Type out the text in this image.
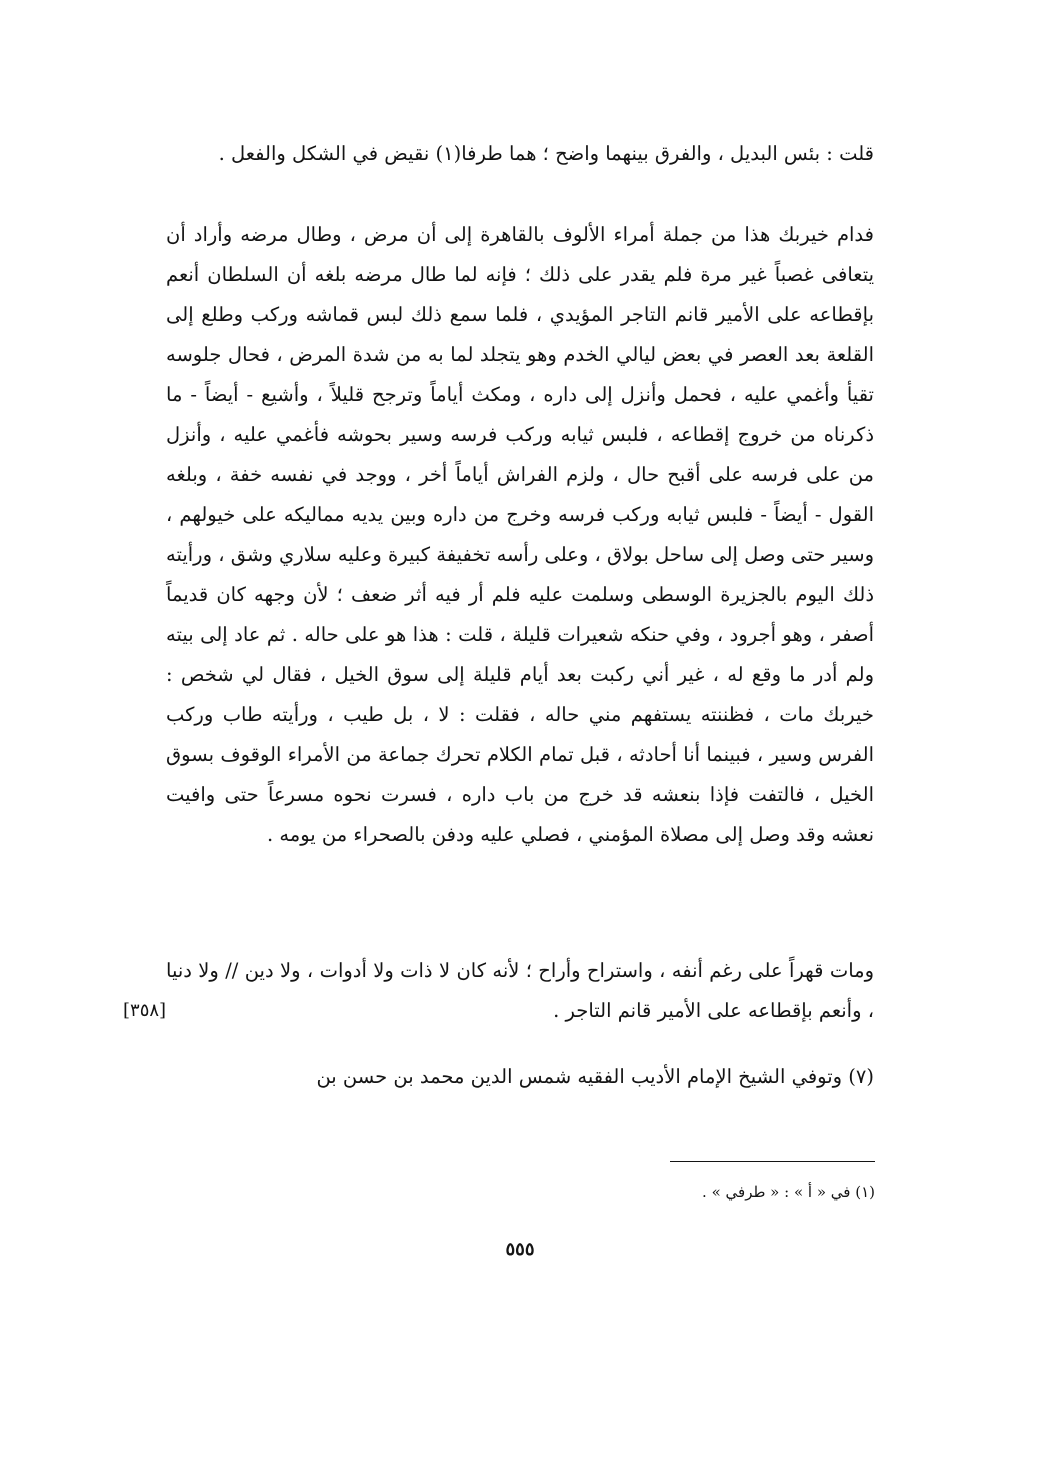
قلت : بئس البديل ، والفرق بينهما واضح ؛ هما طرفا(١) نقيض في الشكل والفعل .

فدام خيربك هذا من جملة أمراء الألوف بالقاهرة إلى أن مرض ، وطال مرضه وأراد أن يتعافى غصباً غير مرة فلم يقدر على ذلك ؛ فإنه لما طال مرضه بلغه أن السلطان أنعم بإقطاعه على الأمير قانم التاجر المؤيدي ، فلما سمع ذلك لبس قماشه وركب وطلع إلى القلعة بعد العصر في بعض ليالي الخدم وهو يتجلد لما به من شدة المرض ، فحال جلوسه تقيأ وأغمي عليه ، فحمل وأنزل إلى داره ، ومكث أياماً وترجح قليلاً ، وأشيع - أيضاً - ما ذكرناه من خروج إقطاعه ، فلبس ثيابه وركب فرسه وسير بحوشه فأغمي عليه ، وأنزل من على فرسه على أقبح حال ، ولزم الفراش أياماً أخر ، ووجد في نفسه خفة ، وبلغه القول - أيضاً - فلبس ثيابه وركب فرسه وخرج من داره وبين يديه مماليكه على خيولهم ، وسير حتى وصل إلى ساحل بولاق ، وعلى رأسه تخفيفة كبيرة وعليه سلاري وشق ، ورأيته ذلك اليوم بالجزيرة الوسطى وسلمت عليه فلم أر فيه أثر ضعف ؛ لأن وجهه كان قديماً أصفر ، وهو أجرود ، وفي حنكه شعيرات قليلة ، قلت : هذا هو على حاله . ثم عاد إلى بيته ولم أدر ما وقع له ، غير أني ركبت بعد أيام قليلة إلى سوق الخيل ، فقال لي شخص : خيربك مات ، فظننته يستفهم مني حاله ، فقلت : لا ، بل طيب ، ورأيته طاب وركب الفرس وسير ، فبينما أنا أحادثه ، قبل تمام الكلام تحرك جماعة من الأمراء الوقوف بسوق الخيل ، فالتفت فإذا بنعشه قد خرج من باب داره ، فسرت نحوه مسرعاً حتى وافيت نعشه وقد وصل إلى مصلاة المؤمني ، فصلي عليه ودفن بالصحراء من يومه .

ومات قهراً على رغم أنفه ، واستراح وأراح ؛ لأنه كان لا ذات ولا أدوات ، ولا دين // ولا دنيا ، وأنعم بإقطاعه على الأمير قانم التاجر .

[٣٥٨]

(٧) وتوفي الشيخ الإمام الأديب الفقيه شمس الدين محمد بن حسن بن

(١) في « أ » : « طرفي » .
٥٥٥
